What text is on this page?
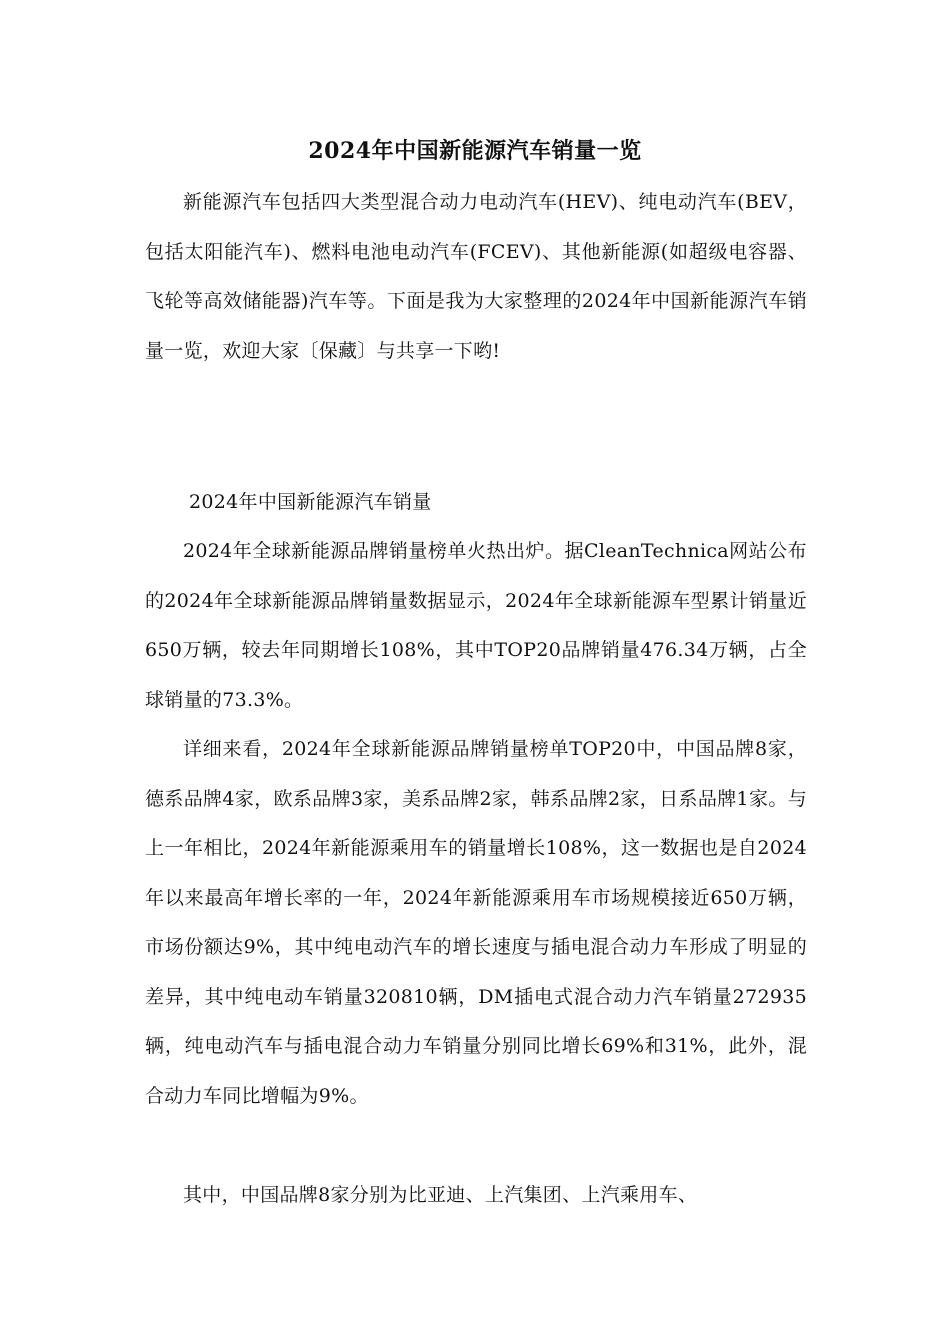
2024年中国新能源汽车销量一览

新能源汽车包括四大类型混合动力电动汽车(HEV)、纯电动汽车(BEV，包括太阳能汽车)、燃料电池电动汽车(FCEV)、其他新能源(如超级电容器、飞轮等高效储能器)汽车等。下面是我为大家整理的2024年中国新能源汽车销量一览，欢迎大家〔保藏〕与共享一下哟!

2024年中国新能源汽车销量

2024年全球新能源品牌销量榜单火热出炉。据CleanTechnica网站公布的2024年全球新能源品牌销量数据显示，2024年全球新能源车型累计销量近650万辆，较去年同期增长108%，其中TOP20品牌销量476.34万辆，占全球销量的73.3%。

详细来看，2024年全球新能源品牌销量榜单TOP20中，中国品牌8家，德系品牌4家，欧系品牌3家，美系品牌2家，韩系品牌2家，日系品牌1家。与上一年相比，2024年新能源乘用车的销量增长108%，这一数据也是自2024年以来最高年增长率的一年，2024年新能源乘用车市场规模接近650万辆，市场份额达9%，其中纯电动汽车的增长速度与插电混合动力车形成了明显的差异，其中纯电动车销量320810辆，DM插电式混合动力汽车销量272935辆，纯电动汽车与插电混合动力车销量分别同比增长69%和31%，此外，混合动力车同比增幅为9%。

其中，中国品牌8家分别为比亚迪、上汽集团、上汽乘用车、
